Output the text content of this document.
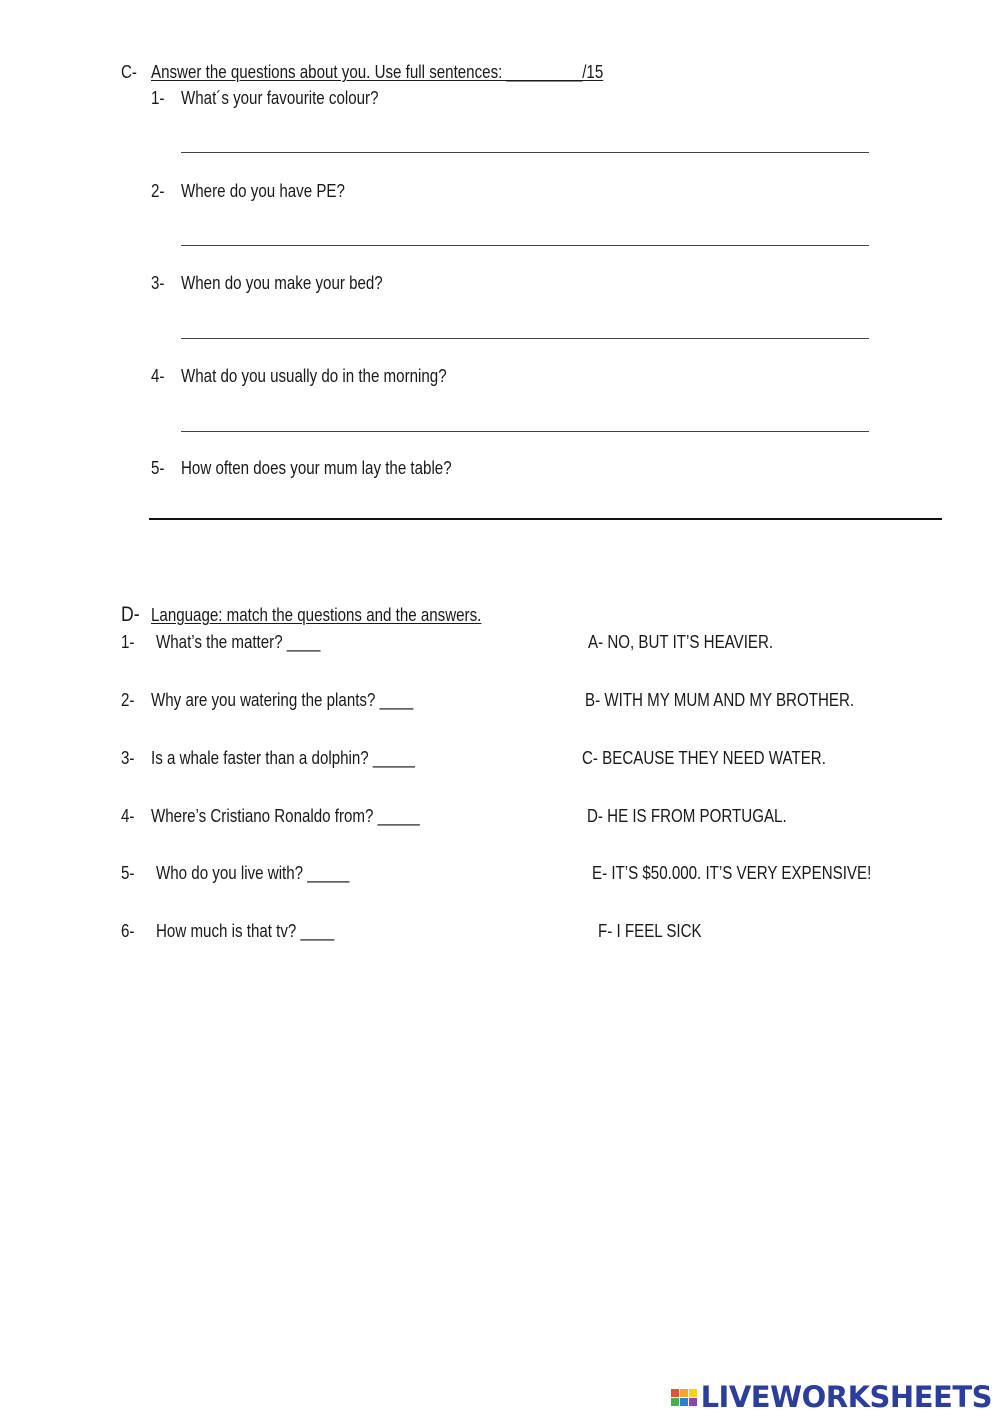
C- Answer the questions about you. Use full sentences: _________/15
1- What´s your favourite colour?
2- Where do you have PE?
3- When do you make your bed?
4- What do you usually do in the morning?
5- How often does your mum lay the table?
D- Language: match the questions and the answers.
1- What’s the matter? ____	A- NO, BUT IT’S HEAVIER.
2- Why are you watering the plants? ____	B- WITH MY MUM AND MY BROTHER.
3- Is a whale faster than a dolphin? _____	C- BECAUSE THEY NEED WATER.
4- Where’s Cristiano Ronaldo from? _____	D- HE IS FROM PORTUGAL.
5- Who do you live with? _____	E- IT’S $50.000. IT’S VERY EXPENSIVE!
6- How much is that tv? ____	F- I FEEL SICK
LIVEWORKSHEETS
